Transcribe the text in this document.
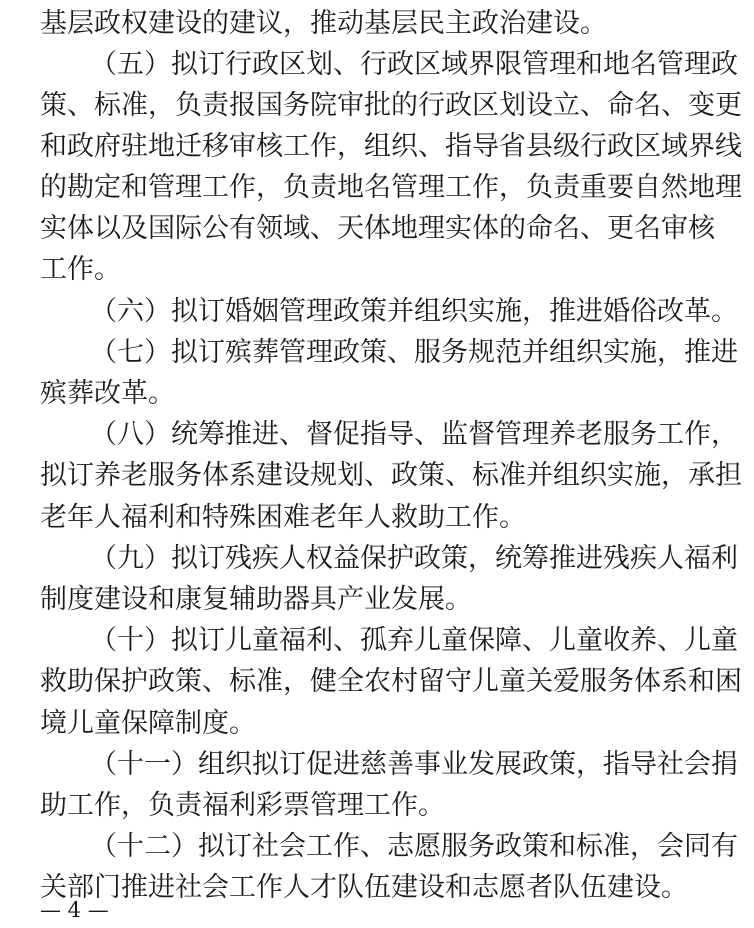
基层政权建设的建议，推动基层民主政治建设。
（五）拟订行政区划、行政区域界限管理和地名管理政
策、标准，负责报国务院审批的行政区划设立、命名、变更
和政府驻地迁移审核工作，组织、指导省县级行政区域界线
的勘定和管理工作，负责地名管理工作，负责重要自然地理
实体以及国际公有领域、天体地理实体的命名、更名审核
工作。
（六）拟订婚姻管理政策并组织实施，推进婚俗改革。
（七）拟订殡葬管理政策、服务规范并组织实施，推进
殡葬改革。
（八）统筹推进、督促指导、监督管理养老服务工作，
拟订养老服务体系建设规划、政策、标准并组织实施，承担
老年人福利和特殊困难老年人救助工作。
（九）拟订残疾人权益保护政策，统筹推进残疾人福利
制度建设和康复辅助器具产业发展。
（十）拟订儿童福利、孤弃儿童保障、儿童收养、儿童
救助保护政策、标准，健全农村留守儿童关爱服务体系和困
境儿童保障制度。
（十一）组织拟订促进慈善事业发展政策，指导社会捐
助工作，负责福利彩票管理工作。
（十二）拟订社会工作、志愿服务政策和标准，会同有
关部门推进社会工作人才队伍建设和志愿者队伍建设。
— 4 —
